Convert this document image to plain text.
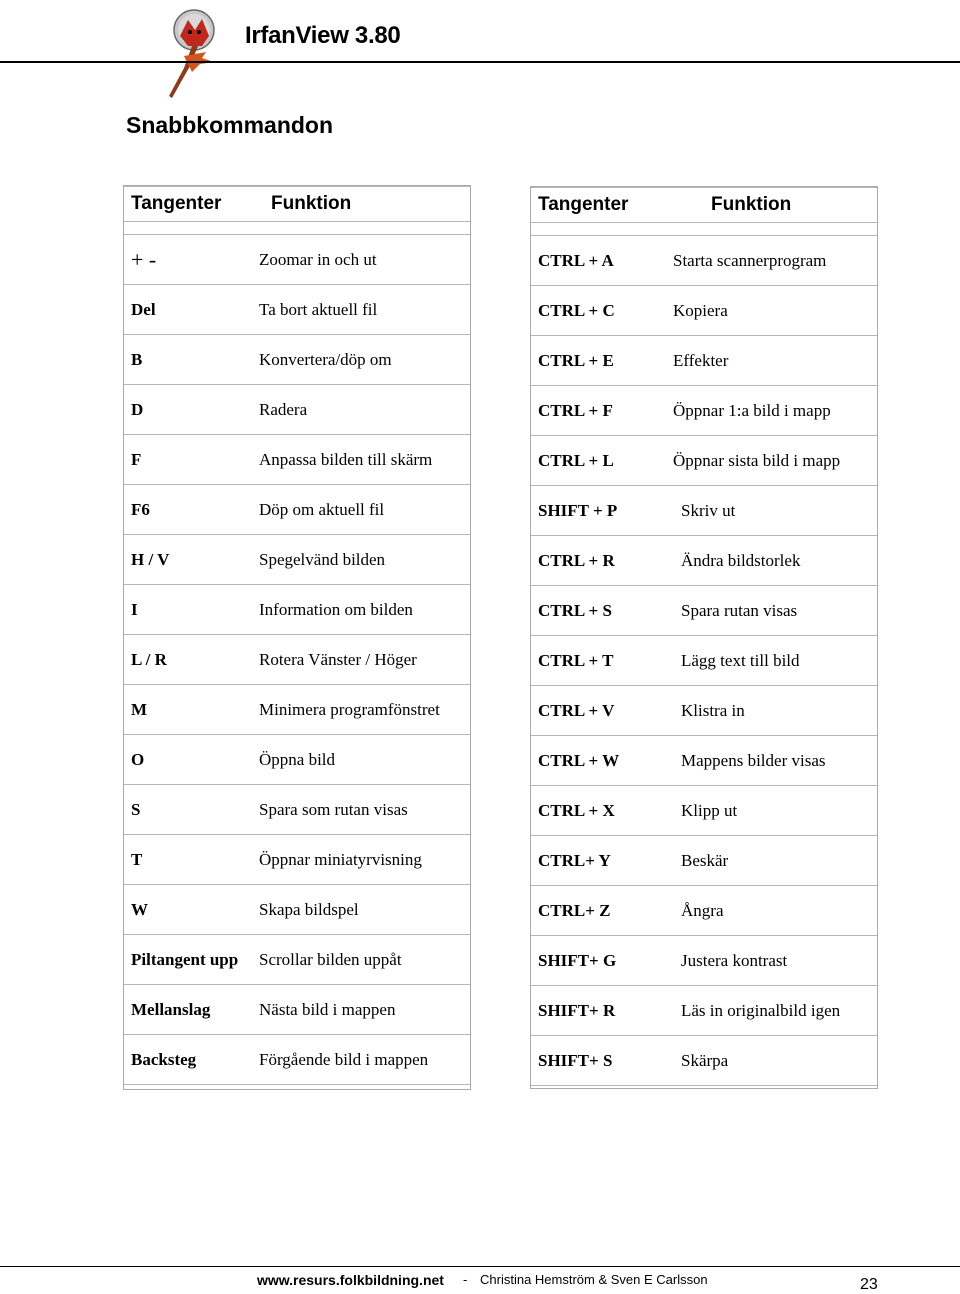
IrfanView 3.80
Snabbkommandon
Tangenter	Funktion

+ -	Zoomar in och ut
Del	Ta bort aktuell fil
B	Konvertera/döp om
D	Radera
F	Anpassa bilden till skärm
F6	Döp om aktuell fil
H / V	Spegelvänd bilden
I	Information om bilden
L / R	Rotera Vänster / Höger
M	Minimera programfönstret
O	Öppna bild
S	Spara som rutan visas
T	Öppnar miniatyrvisning
W	Skapa bildspel
Piltangent upp	Scrollar bilden uppåt
Mellanslag	Nästa bild i mappen
Backsteg	Förgående bild i mappen
Tangenter	Funktion

CTRL + A	Starta scannerprogram
CTRL + C	Kopiera
CTRL + E	Effekter
CTRL + F	Öppnar 1:a bild i mapp
CTRL + L	Öppnar sista bild i mapp
SHIFT + P	Skriv ut
CTRL + R	Ändra bildstorlek
CTRL + S	Spara rutan visas
CTRL + T	Lägg text till bild
CTRL + V	Klistra in
CTRL + W	Mappens bilder visas
CTRL + X	Klipp ut
CTRL+ Y	Beskär
CTRL+ Z	Ångra
SHIFT+ G	Justera kontrast
SHIFT+ R	Läs in originalbild igen
SHIFT+ S	Skärpa
www.resurs.folkbildning.net - Christina Hemström & Sven E Carlsson	23
